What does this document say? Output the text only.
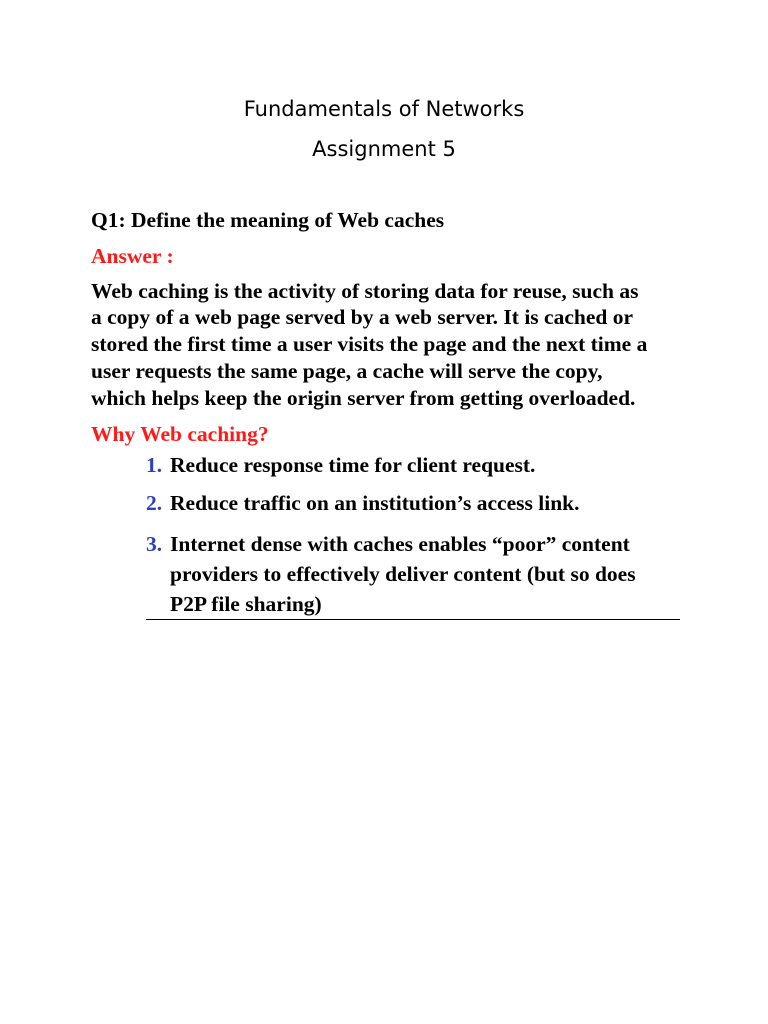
Fundamentals of Networks
Assignment 5
Q1: Define the meaning of Web caches
Answer :
Web caching is the activity of storing data for reuse, such as
a copy of a web page served by a web server. It is cached or
stored the first time a user visits the page and the next time a
user requests the same page, a cache will serve the copy,
which helps keep the origin server from getting overloaded.
Why Web caching?
1. Reduce response time for client request.
2. Reduce traffic on an institution’s access link.
3. Internet dense with caches enables “poor” content
providers to effectively deliver content (but so does
P2P file sharing)
